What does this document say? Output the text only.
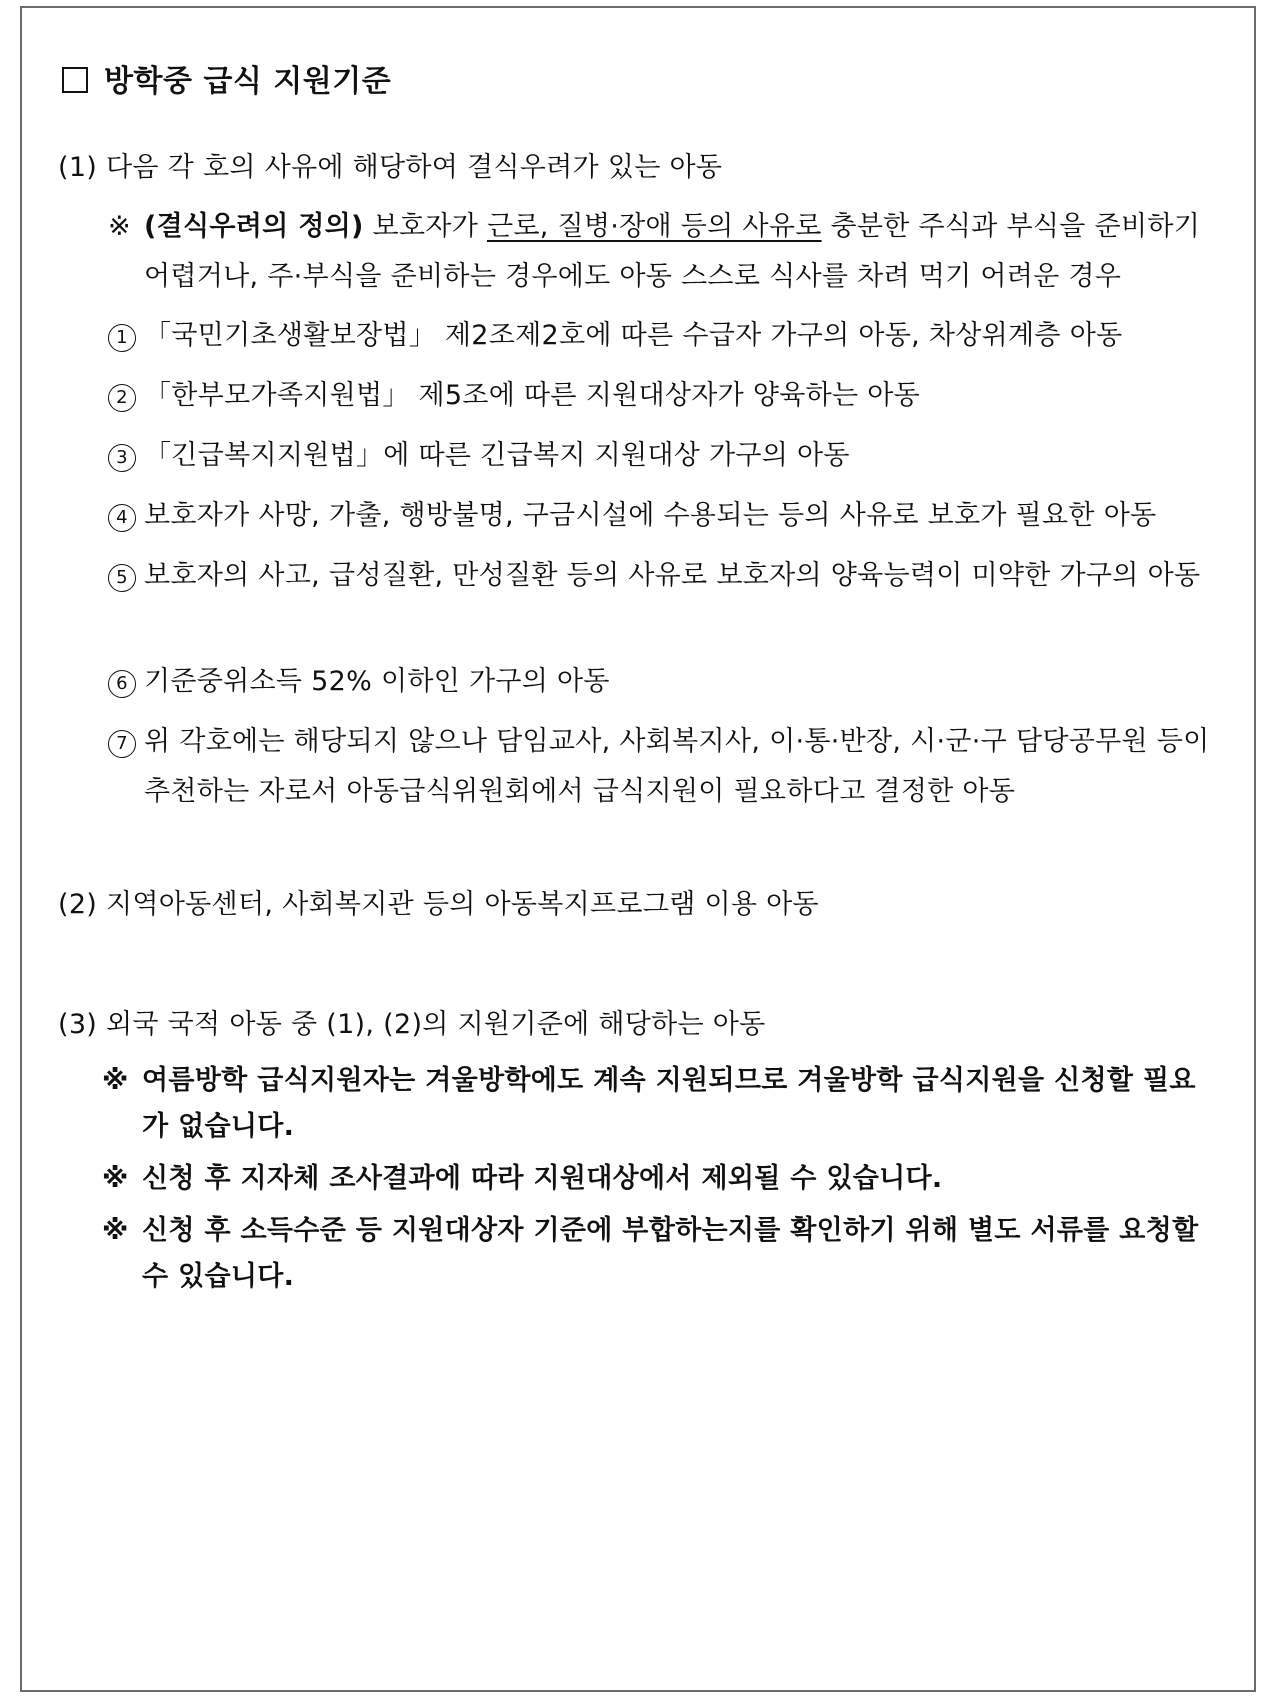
방학중 급식 지원기준
(1) 다음 각 호의 사유에 해당하여 결식우려가 있는 아동
※ (결식우려의 정의) 보호자가 근로, 질병·장애 등의 사유로 충분한 주식과 부식을 준비하기 어렵거나, 주·부식을 준비하는 경우에도 아동 스스로 식사를 차려 먹기 어려운 경우
1 「국민기초생활보장법」 제2조제2호에 따른 수급자 가구의 아동, 차상위계층 아동
2 「한부모가족지원법」 제5조에 따른 지원대상자가 양육하는 아동
3 「긴급복지지원법」에 따른 긴급복지 지원대상 가구의 아동
4 보호자가 사망, 가출, 행방불명, 구금시설에 수용되는 등의 사유로 보호가 필요한 아동
5 보호자의 사고, 급성질환, 만성질환 등의 사유로 보호자의 양육능력이 미약한 가구의 아동
6 기준중위소득 52% 이하인 가구의 아동
7 위 각호에는 해당되지 않으나 담임교사, 사회복지사, 이·통·반장, 시·군·구 담당공무원 등이 추천하는 자로서 아동급식위원회에서 급식지원이 필요하다고 결정한 아동
(2) 지역아동센터, 사회복지관 등의 아동복지프로그램 이용 아동
(3) 외국 국적 아동 중 (1), (2)의 지원기준에 해당하는 아동
※ 여름방학 급식지원자는 겨울방학에도 계속 지원되므로 겨울방학 급식지원을 신청할 필요가 없습니다.
※ 신청 후 지자체 조사결과에 따라 지원대상에서 제외될 수 있습니다.
※ 신청 후 소득수준 등 지원대상자 기준에 부합하는지를 확인하기 위해 별도 서류를 요청할 수 있습니다.
